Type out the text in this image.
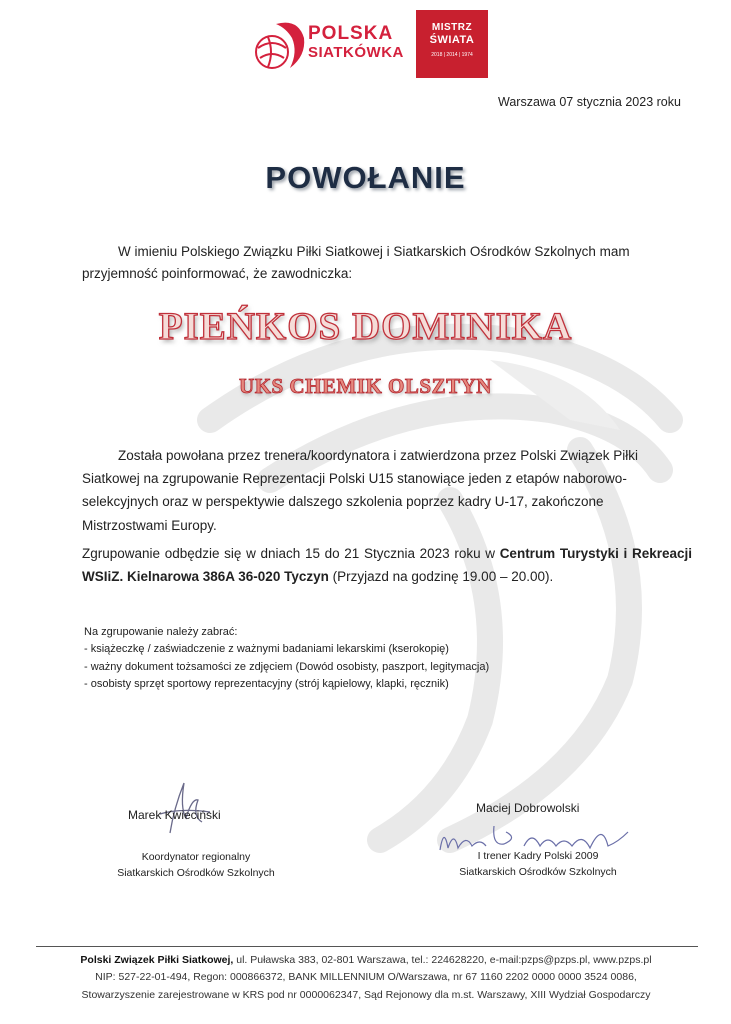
POLSKA
SIATKÓWKA
MISTRZ
ŚWIATA
2018 | 2014 | 1974
Warszawa 07 stycznia 2023 roku
POWOŁANIE
W imieniu Polskiego Związku Piłki Siatkowej i Siatkarskich Ośrodków Szkolnych mam przyjemność poinformować, że zawodniczka:
PIEŃKOS DOMINIKA
UKS CHEMIK OLSZTYN
Została powołana przez trenera/koordynatora i zatwierdzona przez Polski Związek Piłki Siatkowej na zgrupowanie Reprezentacji Polski U15 stanowiące jeden z etapów naborowo-selekcyjnych oraz w perspektywie dalszego szkolenia poprzez kadry U-17, zakończone Mistrzostwami Europy.
Zgrupowanie odbędzie się w dniach 15 do 21 Stycznia 2023 roku w Centrum Turystyki i Rekreacji WSIiZ. Kielnarowa 386A 36-020 Tyczyn (Przyjazd na godzinę 19.00 – 20.00).
Na zgrupowanie należy zabrać:
- książeczkę / zaświadczenie z ważnymi badaniami lekarskimi (kserokopię)
- ważny dokument tożsamości ze zdjęciem (Dowód osobisty, paszport, legitymacja)
- osobisty sprzęt sportowy reprezentacyjny (strój kąpielowy, klapki, ręcznik)
Marek Kwieciński
Koordynator regionalny
Siatkarskich Ośrodków Szkolnych
Maciej Dobrowolski
I trener Kadry Polski 2009
Siatkarskich Ośrodków Szkolnych
Polski Związek Piłki Siatkowej, ul. Puławska 383, 02-801 Warszawa, tel.: 224628220, e-mail:pzps@pzps.pl, www.pzps.pl
NIP: 527-22-01-494, Regon: 000866372, BANK MILLENNIUM O/Warszawa, nr 67 1160 2202 0000 0000 3524 0086,
Stowarzyszenie zarejestrowane w KRS pod nr 0000062347, Sąd Rejonowy dla m.st. Warszawy, XIII Wydział Gospodarczy
